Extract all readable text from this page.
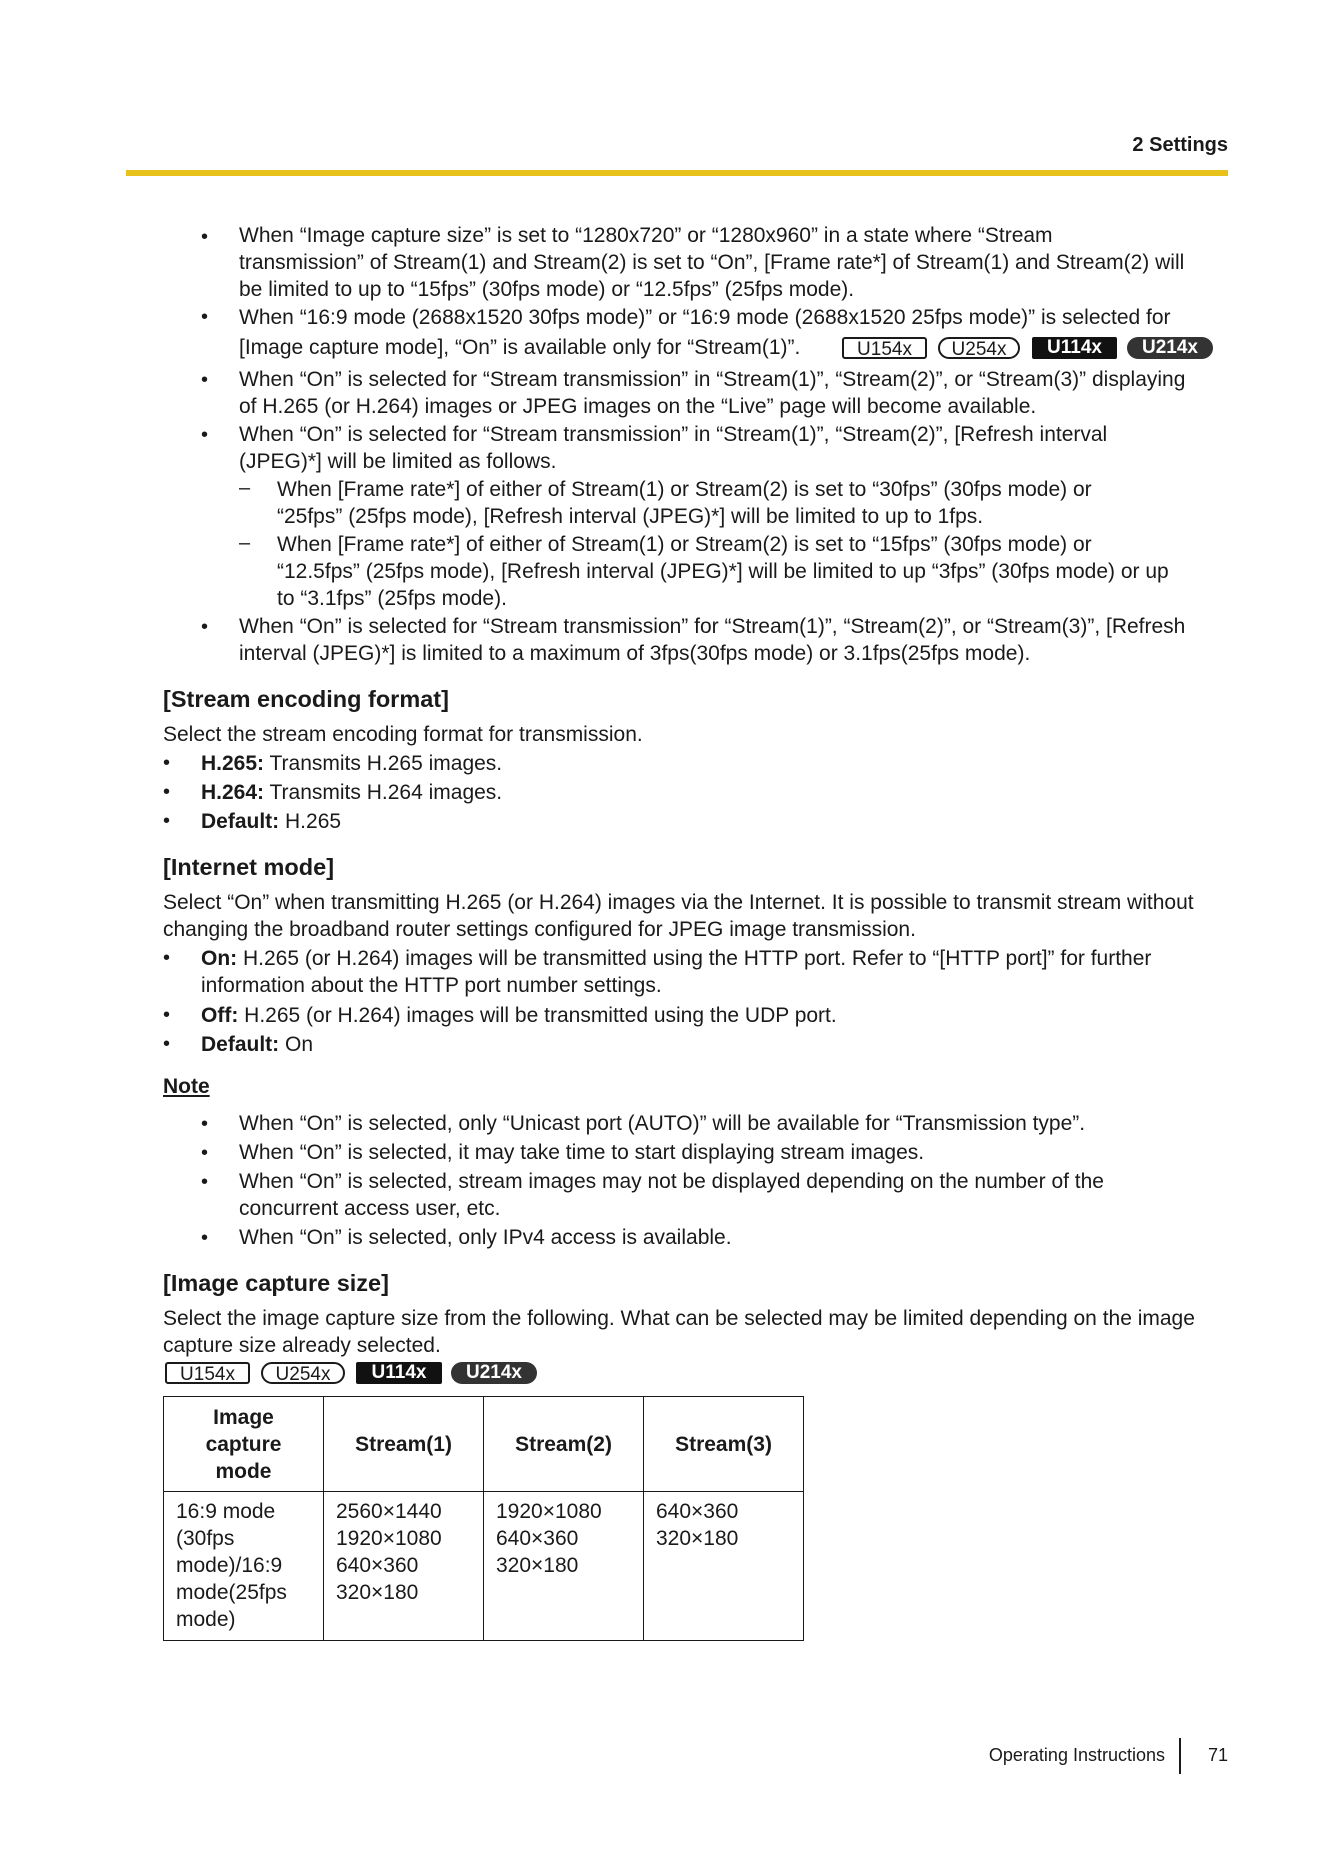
2 Settings
• When “Image capture size” is set to “1280x720” or “1280x960” in a state where “Stream
transmission” of Stream(1) and Stream(2) is set to “On”, [Frame rate*] of Stream(1) and Stream(2) will
be limited to up to “15fps” (30fps mode) or “12.5fps” (25fps mode).
• When “16:9 mode (2688x1520 30fps mode)” or “16:9 mode (2688x1520 25fps mode)” is selected for
[Image capture mode], “On” is available only for “Stream(1)”.	U154x	U254x	U114x	U214x
• When “On” is selected for “Stream transmission” in “Stream(1)”, “Stream(2)”, or “Stream(3)” displaying
of H.265 (or H.264) images or JPEG images on the “Live” page will become available.
• When “On” is selected for “Stream transmission” in “Stream(1)”, “Stream(2)”, [Refresh interval
(JPEG)*] will be limited as follows.
– When [Frame rate*] of either of Stream(1) or Stream(2) is set to “30fps” (30fps mode) or
“25fps” (25fps mode), [Refresh interval (JPEG)*] will be limited to up to 1fps.
– When [Frame rate*] of either of Stream(1) or Stream(2) is set to “15fps” (30fps mode) or
“12.5fps” (25fps mode), [Refresh interval (JPEG)*] will be limited to up “3fps” (30fps mode) or up
to “3.1fps” (25fps mode).
• When “On” is selected for “Stream transmission” for “Stream(1)”, “Stream(2)”, or “Stream(3)”, [Refresh
interval (JPEG)*] is limited to a maximum of 3fps(30fps mode) or 3.1fps(25fps mode).
[Stream encoding format]
Select the stream encoding format for transmission.
• H.265: Transmits H.265 images.
• H.264: Transmits H.264 images.
• Default: H.265
[Internet mode]
Select “On” when transmitting H.265 (or H.264) images via the Internet. It is possible to transmit stream without
changing the broadband router settings configured for JPEG image transmission.
• On: H.265 (or H.264) images will be transmitted using the HTTP port. Refer to “[HTTP port]” for further
information about the HTTP port number settings.
• Off: H.265 (or H.264) images will be transmitted using the UDP port.
• Default: On
Note
• When “On” is selected, only “Unicast port (AUTO)” will be available for “Transmission type”.
• When “On” is selected, it may take time to start displaying stream images.
• When “On” is selected, stream images may not be displayed depending on the number of the
concurrent access user, etc.
• When “On” is selected, only IPv4 access is available.
[Image capture size]
Select the image capture size from the following. What can be selected may be limited depending on the image
capture size already selected.
U154x	U254x	U114x	U214x
Image
capture
mode	Stream(1)	Stream(2)	Stream(3)

16:9 mode
(30fps
mode)/16:9
mode(25fps
mode)	2560×1440
1920×1080
640×360
320×180	1920×1080
640×360
320×180	640×360
320×180
Operating Instructions 71
